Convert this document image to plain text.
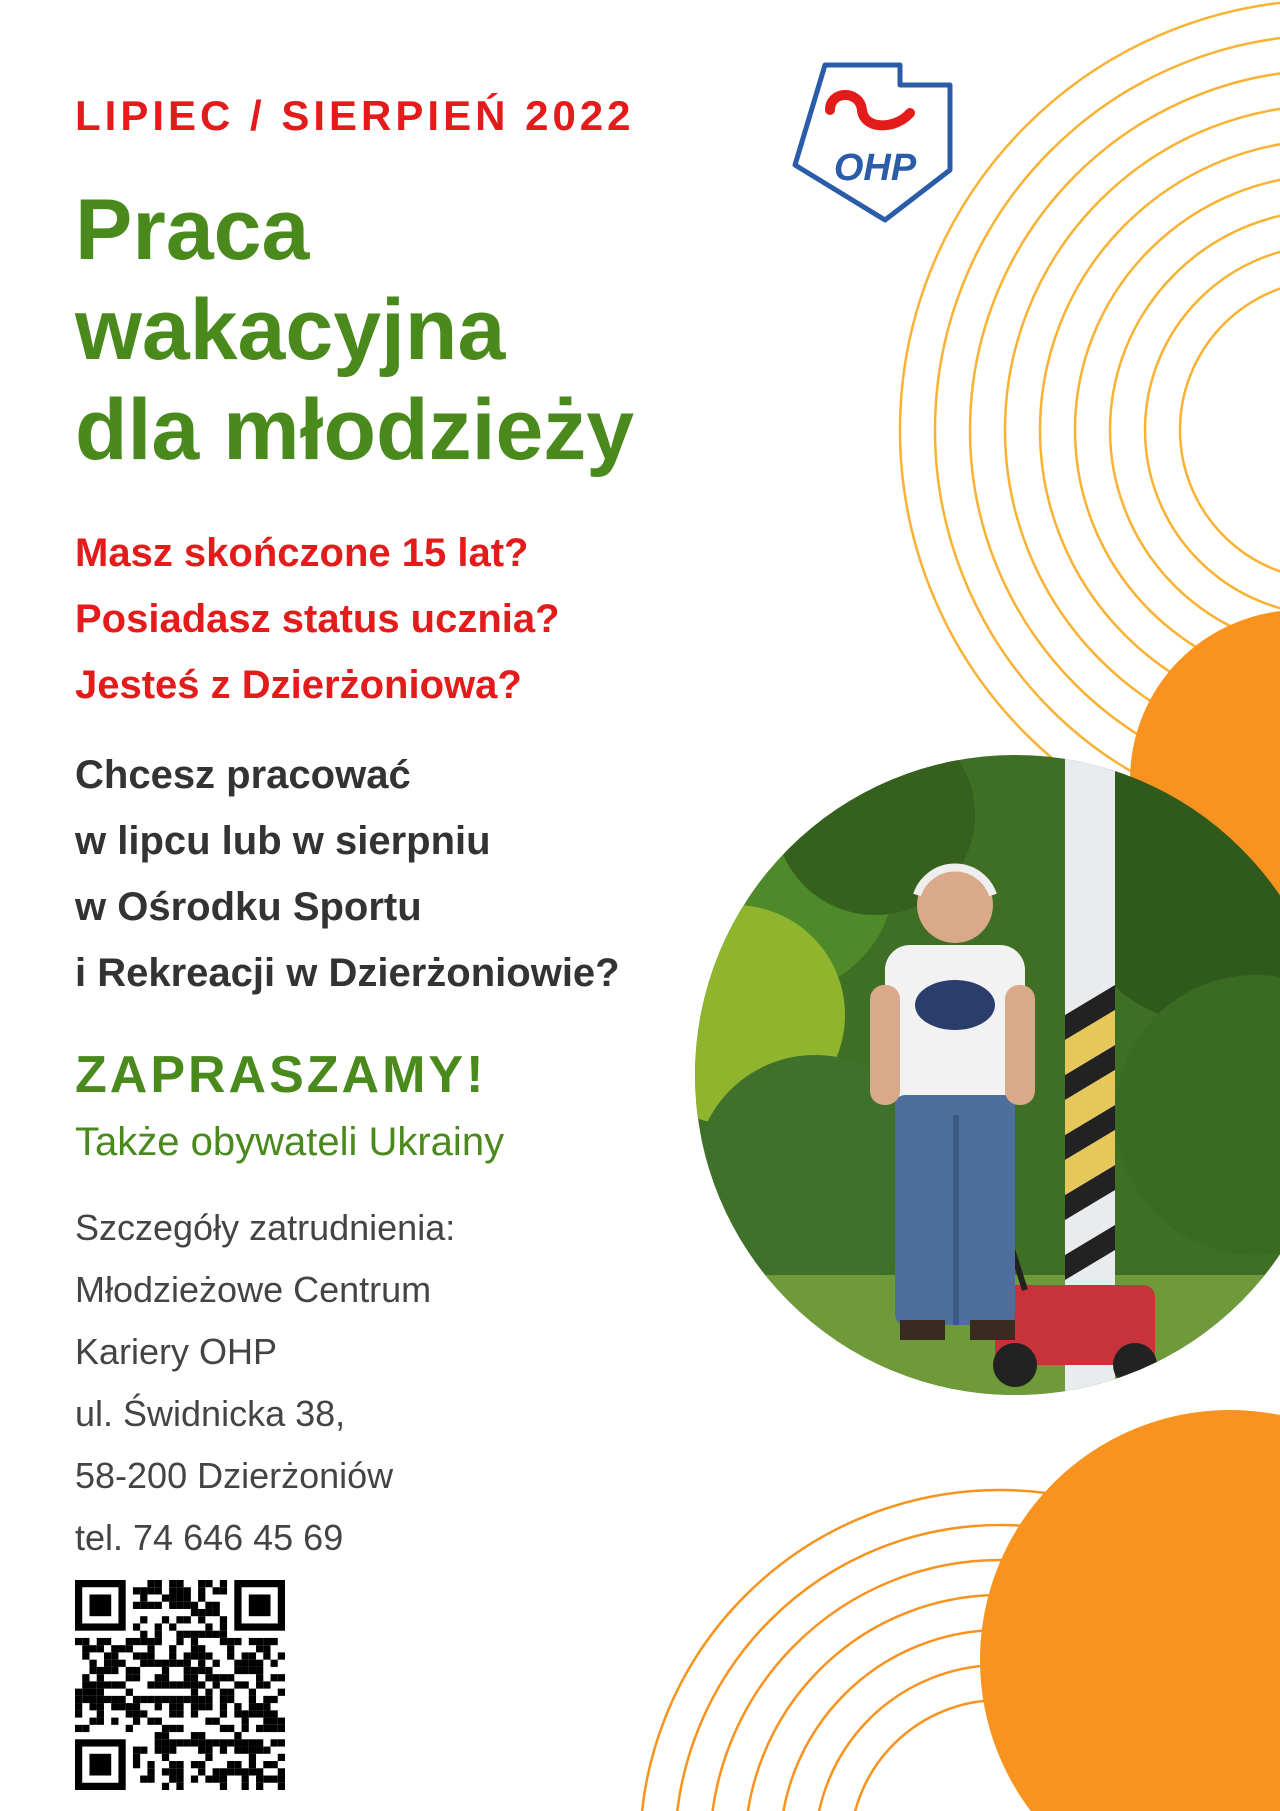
OHP

LIPIEC / SIERPIEŃ 2022

Praca
wakacyjna
dla młodzieży
Masz skończone 15 lat?
Posiadasz status ucznia?
Jesteś z Dzierżoniowa?
Chcesz pracować
w lipcu lub w sierpniu
w Ośrodku Sportu
i Rekreacji w Dzierżoniowie?

ZAPRASZAMY!

Także obywateli Ukrainy

Szczegóły zatrudnienia:
Młodzieżowe Centrum
Kariery OHP
ul. Świdnicka 38,
58-200 Dzierżoniów
tel. 74 646 45 69
